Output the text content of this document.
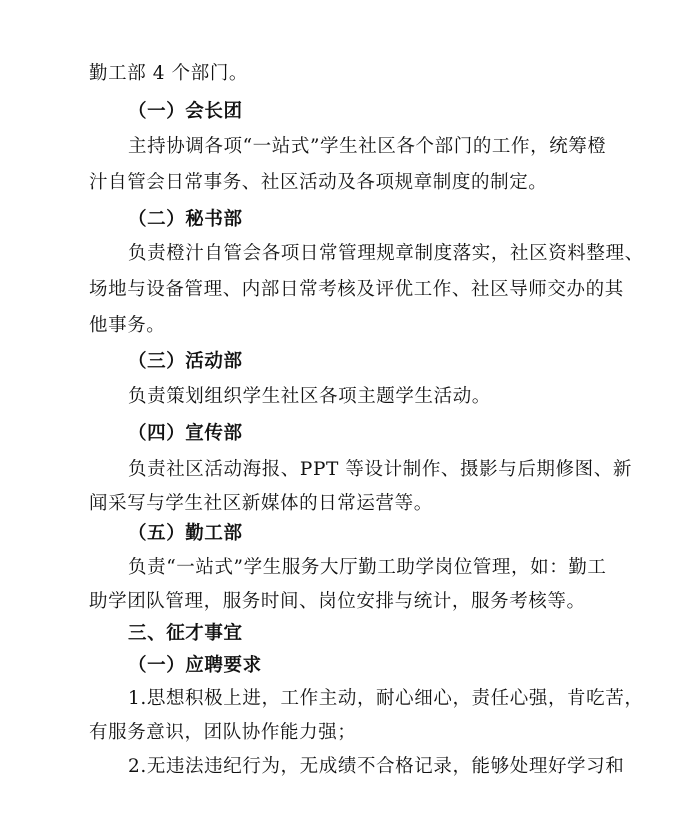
勤工部 4 个部门。
（一）会长团
主持协调各项“一站式”学生社区各个部门的工作，统筹橙
汁自管会日常事务、社区活动及各项规章制度的制定。
（二）秘书部
负责橙汁自管会各项日常管理规章制度落实，社区资料整理、
场地与设备管理、内部日常考核及评优工作、社区导师交办的其
他事务。
（三）活动部
负责策划组织学生社区各项主题学生活动。
（四）宣传部
负责社区活动海报、PPT 等设计制作、摄影与后期修图、新
闻采写与学生社区新媒体的日常运营等。
（五）勤工部
负责“一站式”学生服务大厅勤工助学岗位管理，如：勤工
助学团队管理，服务时间、岗位安排与统计，服务考核等。
三、征才事宜
（一）应聘要求
1.思想积极上进，工作主动，耐心细心，责任心强，肯吃苦，
有服务意识，团队协作能力强；
2.无违法违纪行为，无成绩不合格记录，能够处理好学习和
